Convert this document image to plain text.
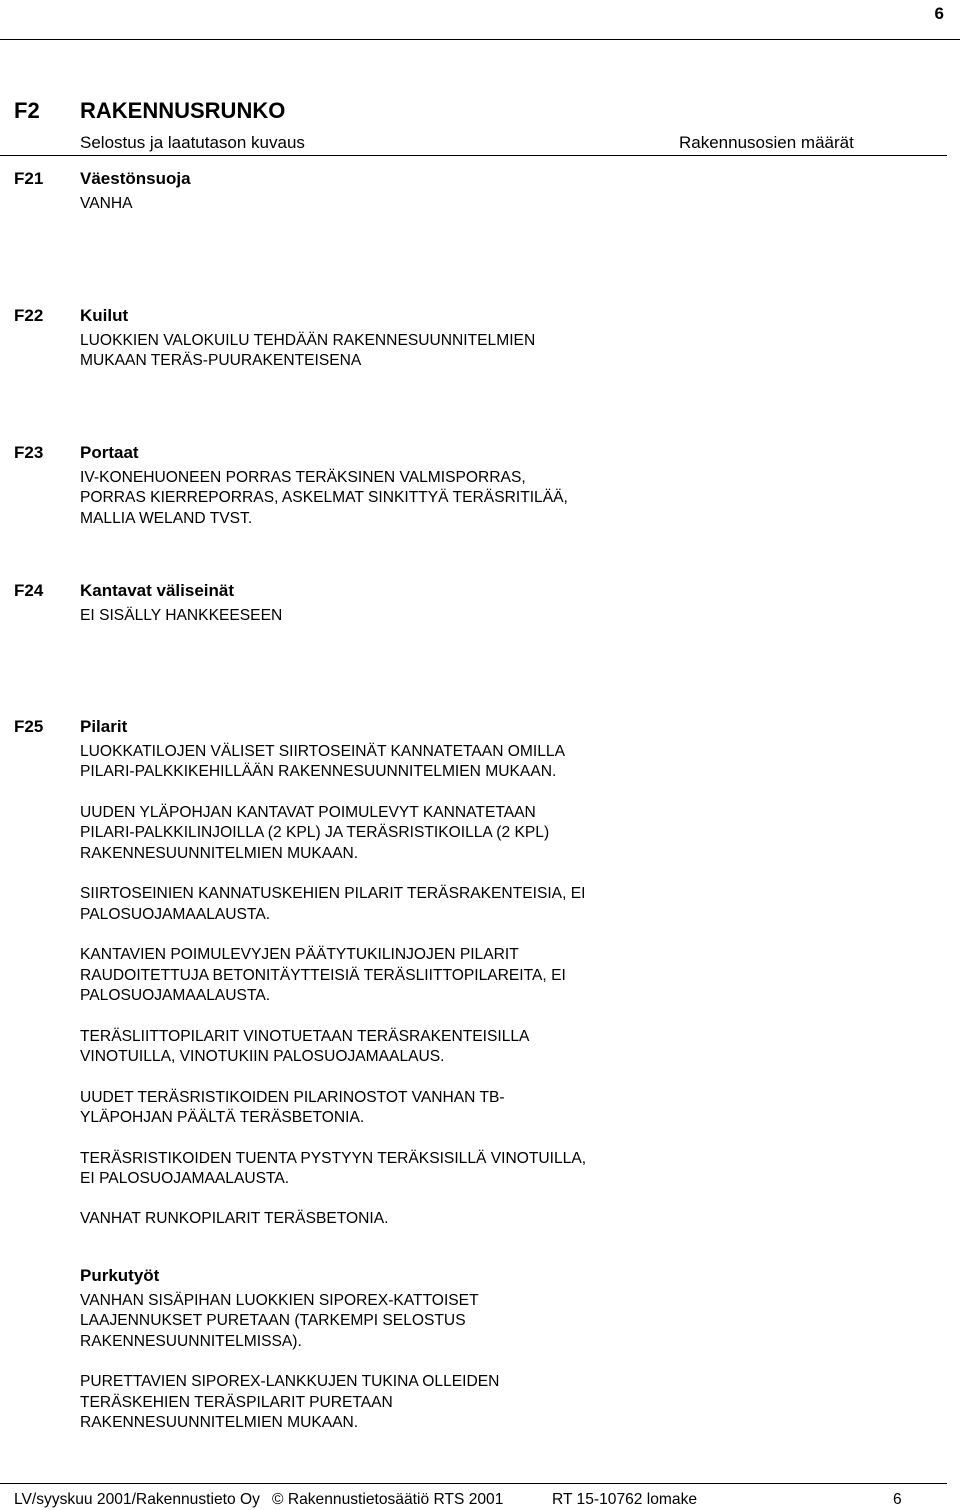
6
F2 RAKENNUSRUNKO
Selostus ja laatutason kuvaus	Rakennusosien määrät
F21 Väestönsuoja

VANHA

F22 Kuilut

LUOKKIEN VALOKUILU TEHDÄÄN RAKENNESUUNNITELMIEN
MUKAAN TERÄS-PUURAKENTEISENA

F23 Portaat

IV-KONEHUONEEN PORRAS TERÄKSINEN VALMISPORRAS,
PORRAS KIERREPORRAS, ASKELMAT SINKITTYÄ TERÄSRITILÄÄ,
MALLIA WELAND TVST.

F24 Kantavat väliseinät

EI SISÄLLY HANKKEESEEN

F25 Pilarit

LUOKKATILOJEN VÄLISET SIIRTOSEINÄT KANNATETAAN OMILLA
PILARI-PALKKIKEHILLÄÄN RAKENNESUUNNITELMIEN MUKAAN.

UUDEN YLÄPOHJAN KANTAVAT POIMULEVYT KANNATETAAN
PILARI-PALKKILINJOILLA (2 KPL) JA TERÄSRISTIKOILLA (2 KPL)
RAKENNESUUNNITELMIEN MUKAAN.

SIIRTOSEINIEN KANNATUSKEHIEN PILARIT TERÄSRAKENTEISIA, EI
PALOSUOJAMAALAUSTA.

KANTAVIEN POIMULEVYJEN PÄÄTYTUKILINJOJEN PILARIT
RAUDOITETTUJA BETONITÄYTTEISIÄ TERÄSLIITTOPILAREITA, EI
PALOSUOJAMAALAUSTA.

TERÄSLIITTOPILARIT VINOTUETAAN TERÄSRAKENTEISILLA
VINOTUILLA, VINOTUKIIN PALOSUOJAMAALAUS.

UUDET TERÄSRISTIKOIDEN PILARINOSTOT VANHAN TB-
YLÄPOHJAN PÄÄLTÄ TERÄSBETONIA.

TERÄSRISTIKOIDEN TUENTA PYSTYYN TERÄKSISILLÄ VINOTUILLA,
EI PALOSUOJAMAALAUSTA.

VANHAT RUNKOPILARIT TERÄSBETONIA.

Purkutyöt

VANHAN SISÄPIHAN LUOKKIEN SIPOREX-KATTOISET
LAAJENNUKSET PURETAAN (TARKEMPI SELOSTUS
RAKENNESUUNNITELMISSA).

PURETTAVIEN SIPOREX-LANKKUJEN TUKINA OLLEIDEN
TERÄSKEHIEN TERÄSPILARIT PURETAAN
RAKENNESUUNNITELMIEN MUKAAN.

LV/syyskuu 2001/Rakennustieto Oy © Rakennustietosäätiö RTS 2001	RT 15-10762 lomake	6
